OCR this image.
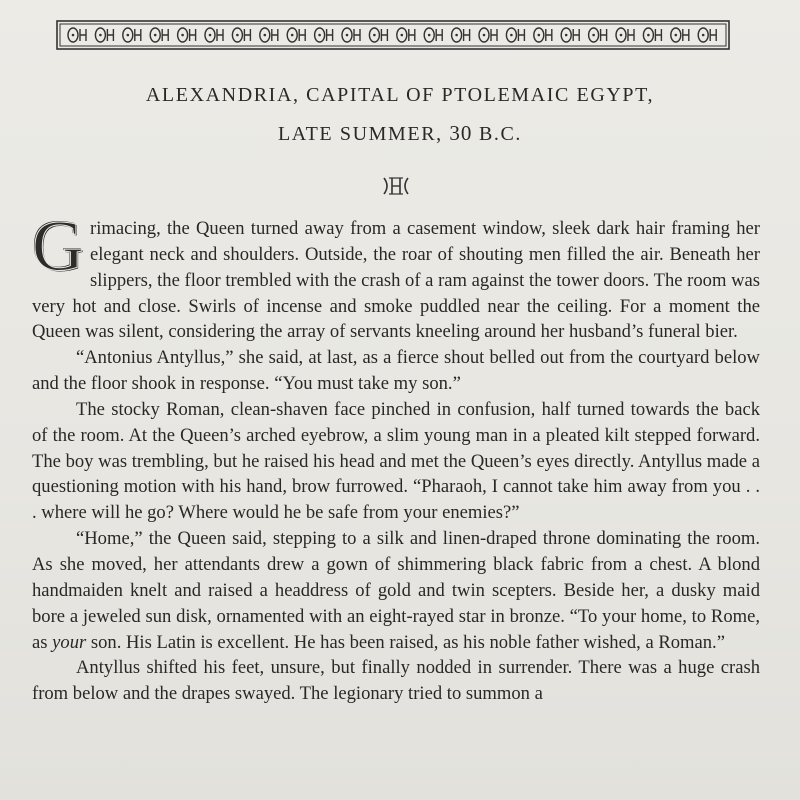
ALEXANDRIA, CAPITAL OF PTOLEMAIC EGYPT,
LATE SUMMER, 30 B.C.

Grimacing, the Queen turned away from a casement window, sleek dark hair framing her elegant neck and shoulders. Outside, the roar of shouting men filled the air. Beneath her slippers, the floor trembled with the crash of a ram against the tower doors. The room was very hot and close. Swirls of incense and smoke puddled near the ceiling. For a moment the Queen was silent, considering the array of servants kneeling around her husband’s funeral bier.

“Antonius Antyllus,” she said, at last, as a fierce shout belled out from the courtyard below and the floor shook in response. “You must take my son.”

The stocky Roman, clean-shaven face pinched in confusion, half turned towards the back of the room. At the Queen’s arched eyebrow, a slim young man in a pleated kilt stepped forward. The boy was trembling, but he raised his head and met the Queen’s eyes directly. Antyllus made a questioning motion with his hand, brow furrowed. “Pharaoh, I cannot take him away from you . . . where will he go? Where would he be safe from your enemies?”

“Home,” the Queen said, stepping to a silk and linen-draped throne dominating the room. As she moved, her attendants drew a gown of shimmering black fabric from a chest. A blond handmaiden knelt and raised a headdress of gold and twin scepters. Beside her, a dusky maid bore a jeweled sun disk, ornamented with an eight-rayed star in bronze. “To your home, to Rome, as your son. His Latin is excellent. He has been raised, as his noble father wished, a Roman.”

Antyllus shifted his feet, unsure, but finally nodded in surrender. There was a huge crash from below and the drapes swayed. The legionary tried to summon a
